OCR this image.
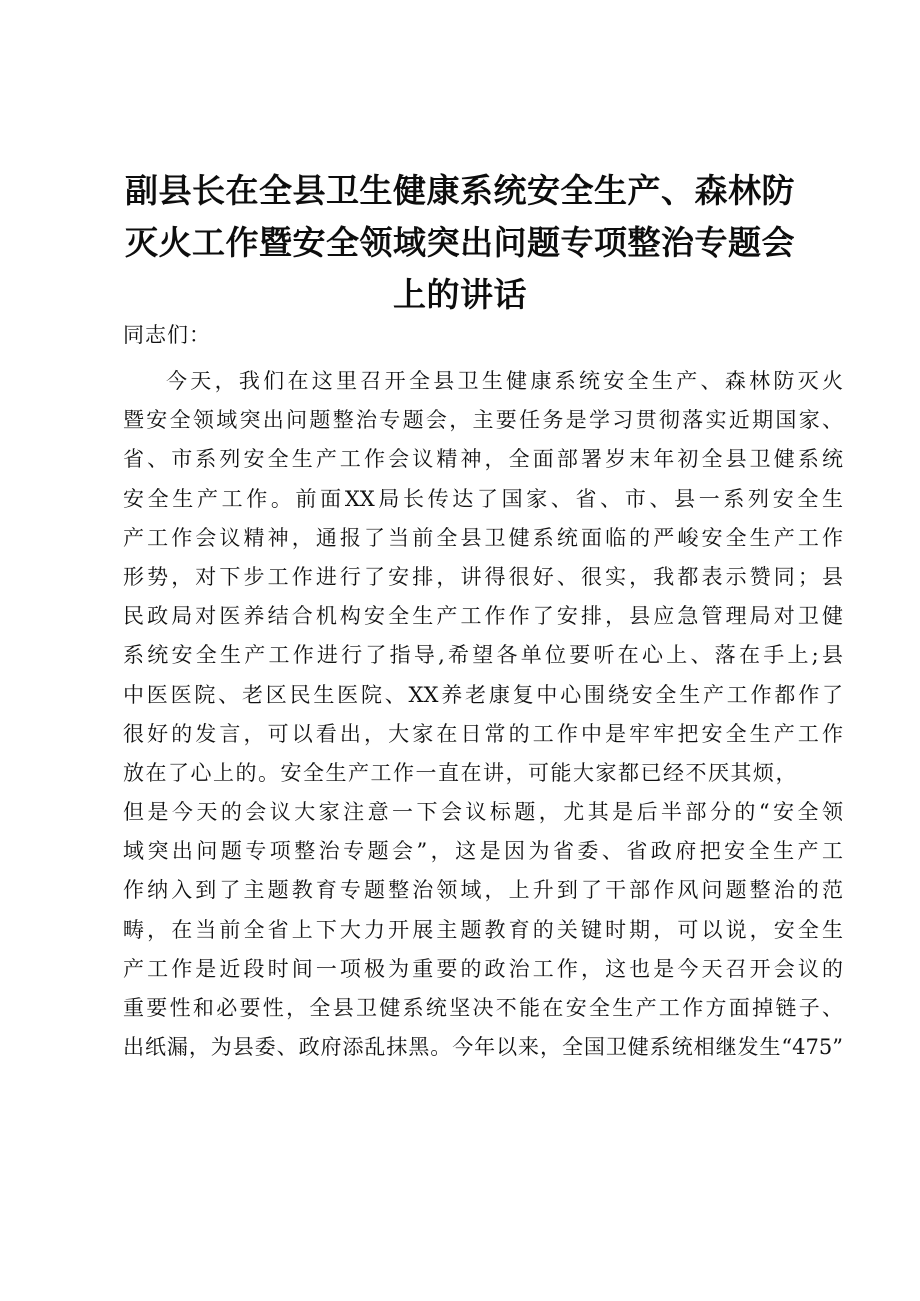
副县长在全县卫生健康系统安全生产、森林防
灭火工作暨安全领域突出问题专项整治专题会
上的讲话
同志们：
今天，我们在这里召开全县卫生健康系统安全生产、森林防灭火
暨安全领域突出问题整治专题会，主要任务是学习贯彻落实近期国家、
省、市系列安全生产工作会议精神，全面部署岁末年初全县卫健系统
安全生产工作。前面XX局长传达了国家、省、市、县一系列安全生
产工作会议精神，通报了当前全县卫健系统面临的严峻安全生产工作
形势，对下步工作进行了安排，讲得很好、很实，我都表示赞同；县
民政局对医养结合机构安全生产工作作了安排，县应急管理局对卫健
系统安全生产工作进行了指导,希望各单位要听在心上、落在手上;县
中医医院、老区民生医院、XX养老康复中心围绕安全生产工作都作了
很好的发言，可以看出，大家在日常的工作中是牢牢把安全生产工作
放在了心上的。安全生产工作一直在讲，可能大家都已经不厌其烦，
但是今天的会议大家注意一下会议标题，尤其是后半部分的“安全领
域突出问题专项整治专题会”，这是因为省委、省政府把安全生产工
作纳入到了主题教育专题整治领域，上升到了干部作风问题整治的范
畴，在当前全省上下大力开展主题教育的关键时期，可以说，安全生
产工作是近段时间一项极为重要的政治工作，这也是今天召开会议的
重要性和必要性，全县卫健系统坚决不能在安全生产工作方面掉链子、
出纸漏，为县委、政府添乱抹黑。今年以来，全国卫健系统相继发生“475”
